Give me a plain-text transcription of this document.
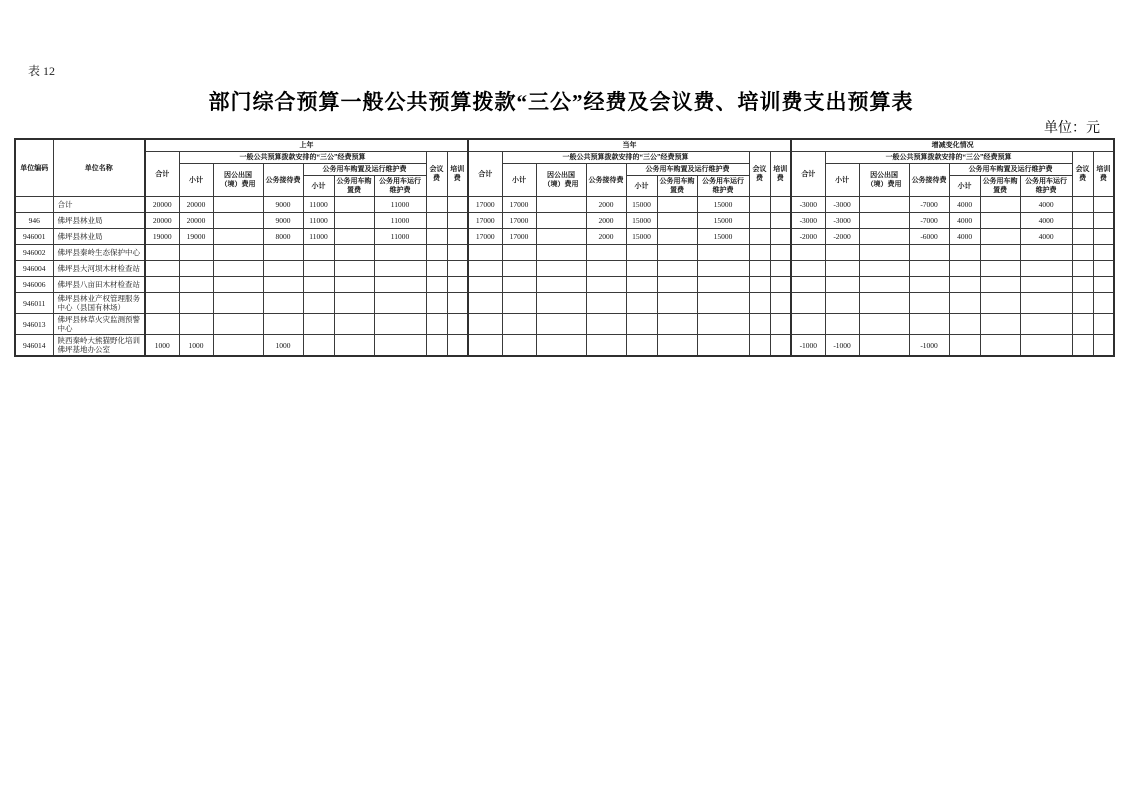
表 12
部门综合预算一般公共预算拨款“三公”经费及会议费、培训费支出预算表
单位：元
单位编码	单位名称	上年									当年									增减变化情况								
		合计	一般公共预算拨款安排的“三公”经费预算						会议费	培训费	合计	一般公共预算拨款安排的“三公”经费预算						会议费	培训费	合计	一般公共预算拨款安排的“三公”经费预算						会议费	培训费
			小计	因公出国（境）费用	公务接待费	公务用车购置及运行维护费						小计	因公出国（境）费用	公务接待费	公务用车购置及运行维护费						小计	因公出国（境）费用	公务接待费	公务用车购置及运行维护费				
						小计	公务用车购置费	公务用车运行维护费							小计	公务用车购置费	公务用车运行维护费							小计	公务用车购置费	公务用车运行维护费		
	合计	20000	20000		9000	11000		11000			17000	17000		2000	15000		15000			-3000	-3000		-7000	4000		4000		
946	佛坪县林业局	20000	20000		9000	11000		11000			17000	17000		2000	15000		15000			-3000	-3000		-7000	4000		4000		
946001	佛坪县林业局	19000	19000		8000	11000		11000			17000	17000		2000	15000		15000			-2000	-2000		-6000	4000		4000		
946002	佛坪县秦岭生态保护中心																											
946004	佛坪县大河坝木材检查站																											
946006	佛坪县八亩田木材检查站																											
946011	佛坪县林业产权管理服务中心（县国有林场）																											
946013	佛坪县林草火灾监测预警中心																											
946014	陕西秦岭大熊猫野化培训佛坪基地办公室	1000	1000		1000															-1000	-1000		-1000					
